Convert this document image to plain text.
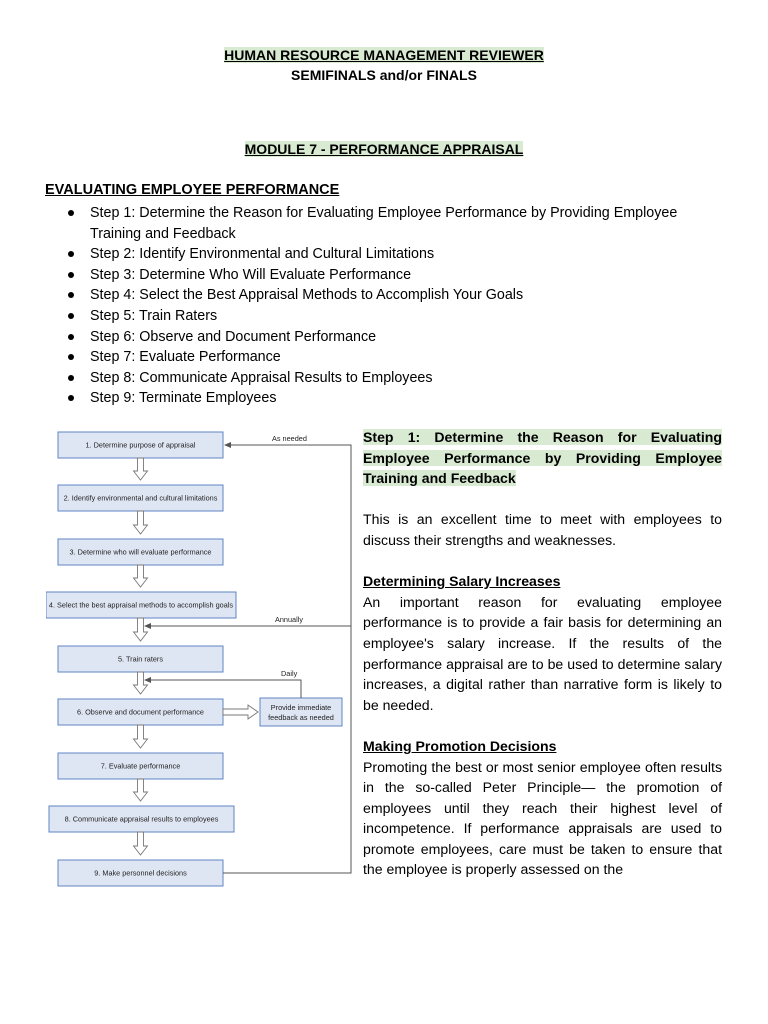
HUMAN RESOURCE MANAGEMENT REVIEWER
SEMIFINALS and/or FINALS
MODULE 7 - PERFORMANCE APPRAISAL
EVALUATING EMPLOYEE PERFORMANCE
Step 1: Determine the Reason for Evaluating Employee Performance by Providing Employee Training and Feedback
Step 2: Identify Environmental and Cultural Limitations
Step 3: Determine Who Will Evaluate Performance
Step 4: Select the Best Appraisal Methods to Accomplish Your Goals
Step 5: Train Raters
Step 6: Observe and Document Performance
Step 7: Evaluate Performance
Step 8: Communicate Appraisal Results to Employees
Step 9: Terminate Employees
1. Determine purpose of appraisal
2. Identify environmental and cultural limitations
3. Determine who will evaluate performance
4. Select the best appraisal methods to accomplish goals
5. Train raters
6. Observe and document performance
7. Evaluate performance
8. Communicate appraisal results to employees
9. Make personnel decisions
Provide immediate
feedback as needed
As needed
Annually
Daily

Step 1: Determine the Reason for Evaluating Employee Performance by Providing Employee Training and Feedback

This is an excellent time to meet with employees to discuss their strengths and weaknesses.

Determining Salary Increases

An important reason for evaluating employee performance is to provide a fair basis for determining an employee's salary increase. If the results of the performance appraisal are to be used to determine salary increases, a digital rather than narrative form is likely to be needed.

Making Promotion Decisions

Promoting the best or most senior employee often results in the so-called Peter Principle— the promotion of employees until they reach their highest level of incompetence. If performance appraisals are used to promote employees, care must be taken to ensure that the employee is properly assessed on the
